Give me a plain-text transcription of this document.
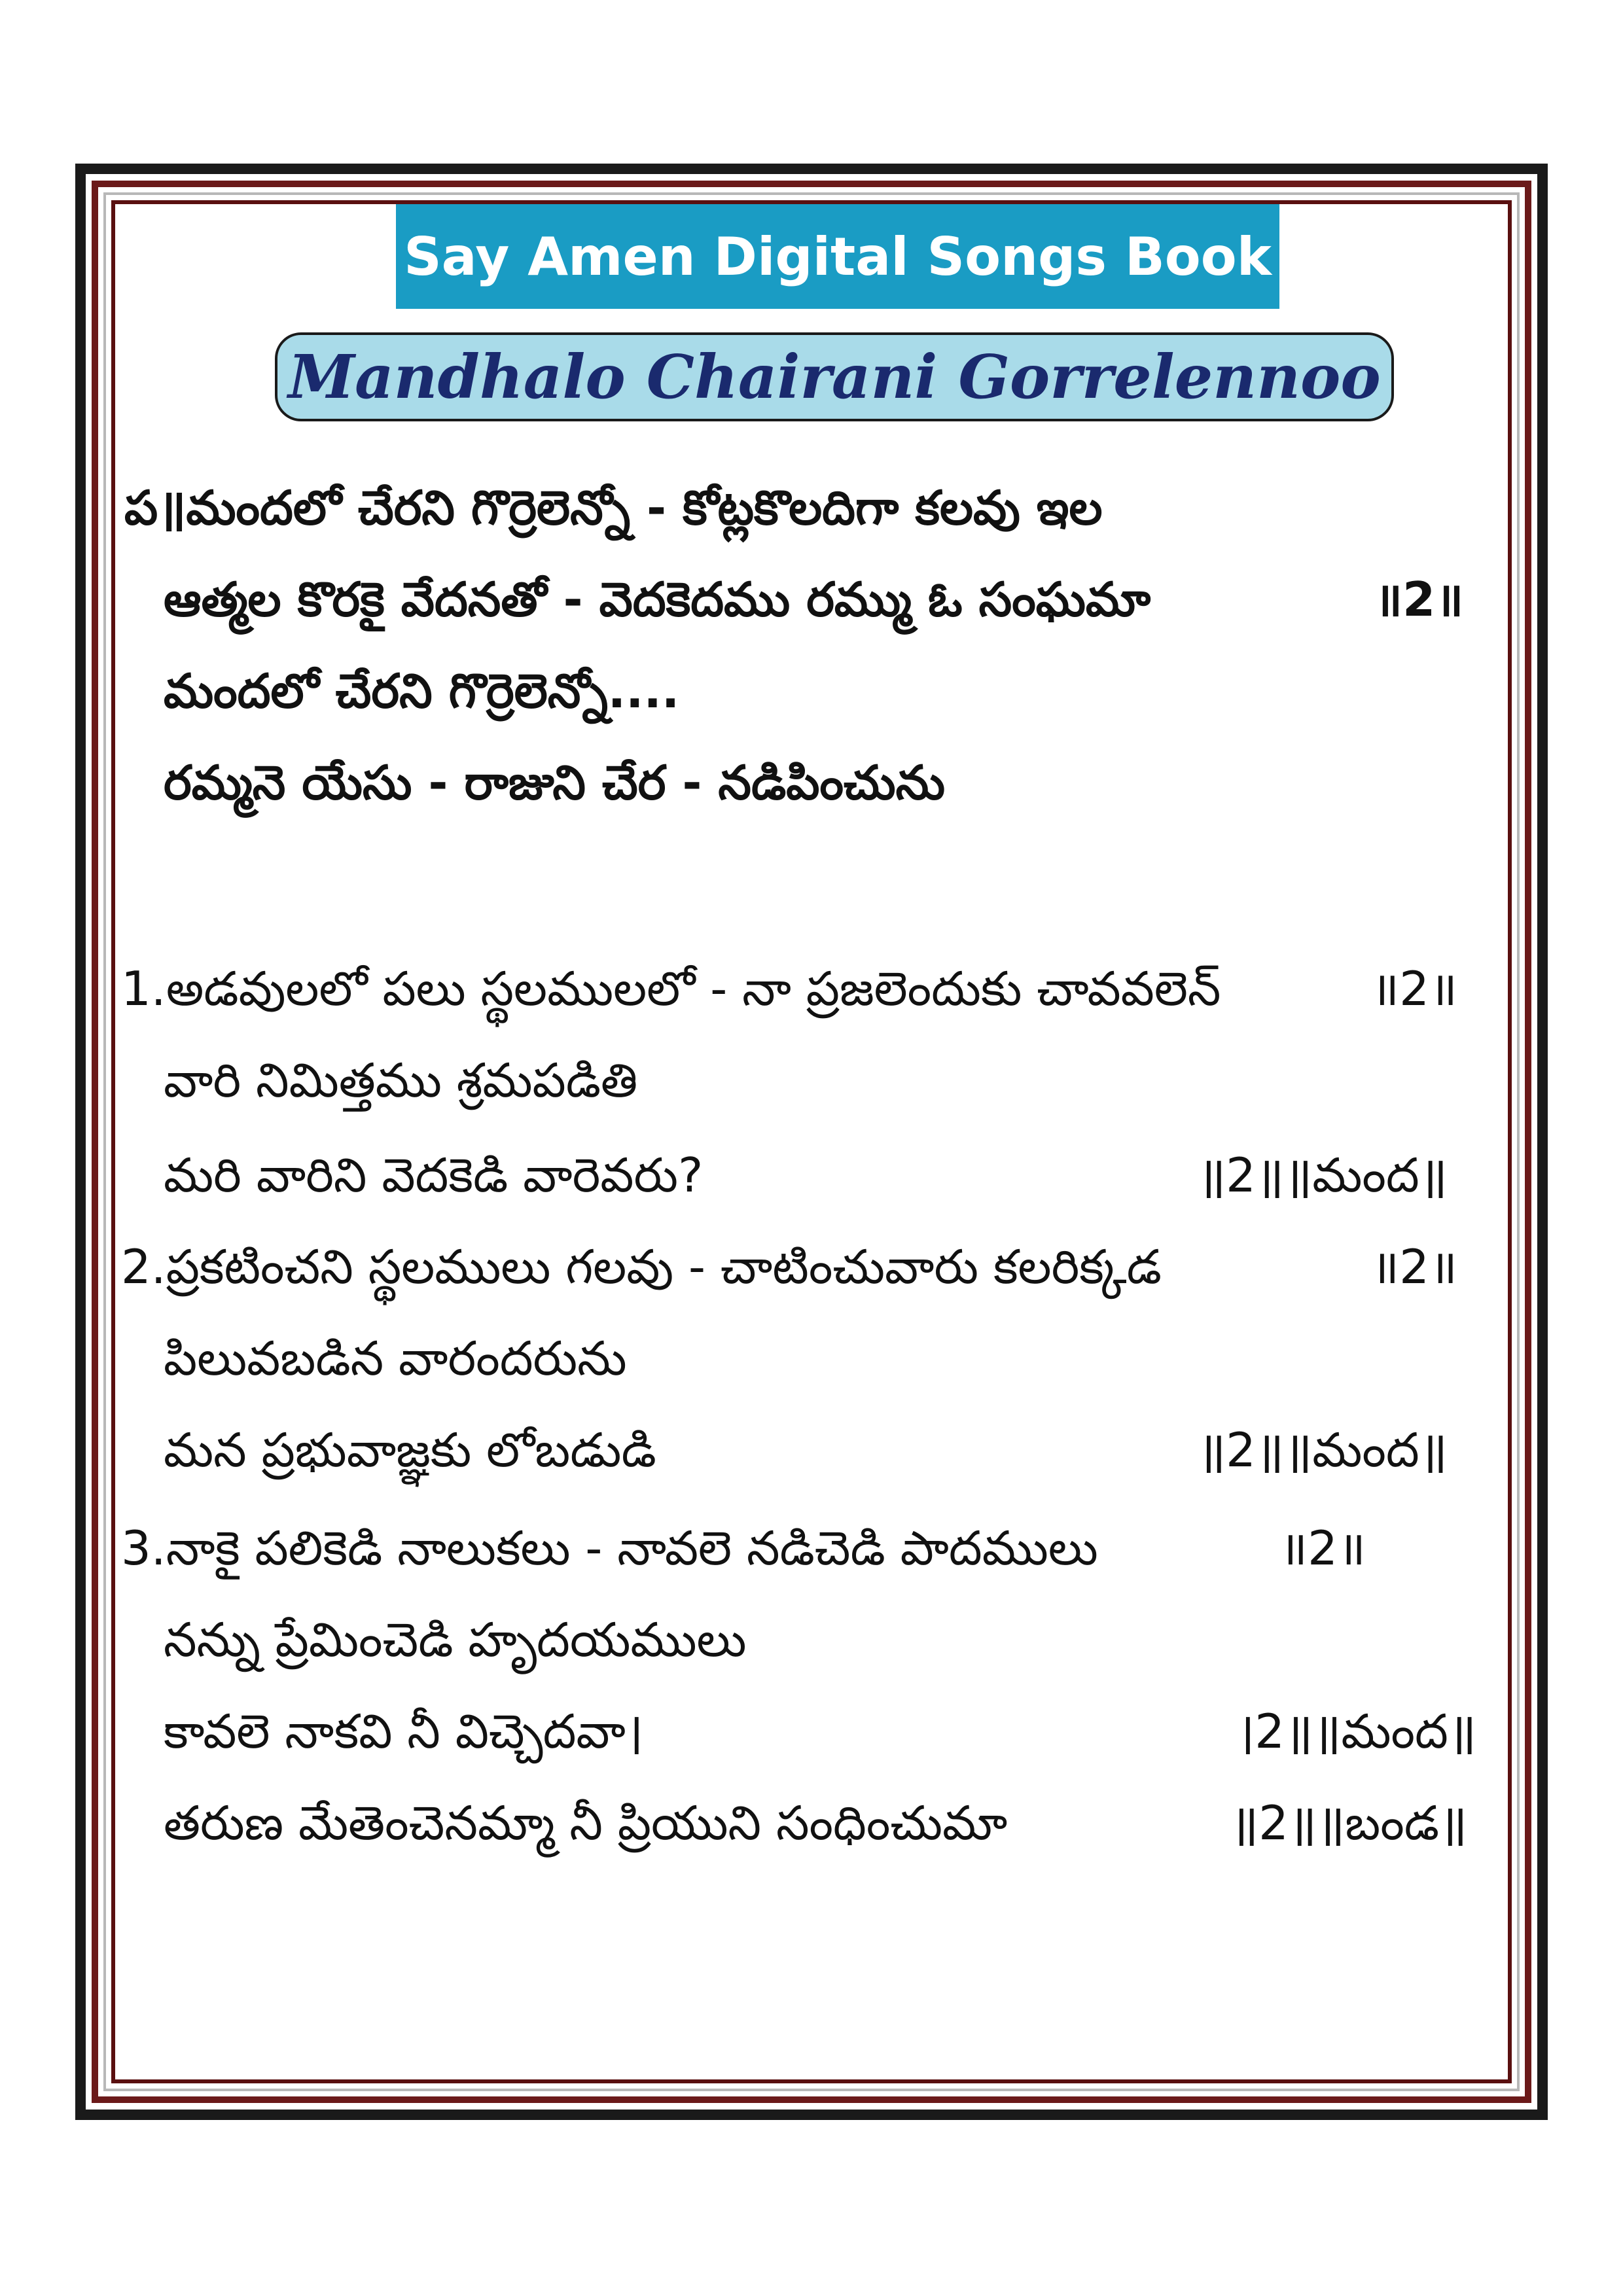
Say Amen Digital Songs Book
Mandhalo Chairani Gorrelennoo
ప॥మందలో చేరని గొర్రెలెన్నో - కోట్లకొలదిగా కలవు ఇల
ఆత్మల కొరకై వేదనతో - వెదకెదము రమ్ము ఓ సంఘమా	॥2॥
మందలో చేరని గొర్రెలెన్నో....
రమ్మనె యేసు - రాజుని చేర - నడిపించును
1.అడవులలో పలు స్థలములలో - నా ప్రజలెందుకు చావవలెన్	॥2॥
వారి నిమిత్తము శ్రమపడితి
మరి వారిని వెదకెడి వారెవరు?	॥2॥॥మంద॥
2.ప్రకటించని స్థలములు గలవు - చాటించువారు కలరిక్కడ	॥2॥
పిలువబడిన వారందరును
మన ప్రభువాజ్ఞకు లోబడుడి	॥2॥॥మంద॥
3.నాకై పలికెడి నాలుకలు - నావలె నడిచెడి పాదములు	॥2॥
నన్ను ప్రేమించెడి హృదయములు
కావలె నాకవి నీ విచ్చెదవా।	।2॥॥మంద॥
తరుణ మేతెంచెనమ్మా నీ ప్రియుని సంధించుమా	॥2॥॥బండ॥
